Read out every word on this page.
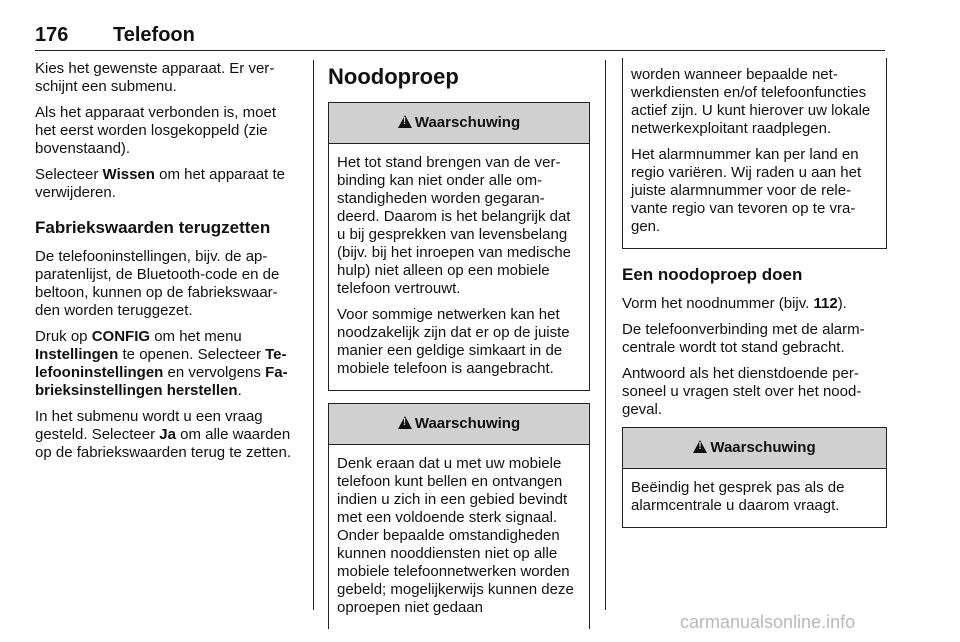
176 Telefoon

Kies het gewenste apparaat. Er verschijnt een submenu.

Als het apparaat verbonden is, moet het eerst worden losgekoppeld (zie bovenstaand).

Selecteer Wissen om het apparaat te verwijderen.

Fabriekswaarden terugzetten

De telefooninstellingen, bijv. de apparatenlijst, de Bluetooth-code en de beltoon, kunnen op de fabriekswaarden worden teruggezet.

Druk op CONFIG om het menu Instellingen te openen. Selecteer Telefooninstellingen en vervolgens Fabrieksinstellingen herstellen.

In het submenu wordt u een vraag gesteld. Selecteer Ja om alle waarden op de fabriekswaarden terug te zetten.

Noodoproep
!Waarschuwing

Het tot stand brengen van de verbinding kan niet onder alle omstandigheden worden gegarandeerd. Daarom is het belangrijk dat u bij gesprekken van levensbelang (bijv. bij het inroepen van medische hulp) niet alleen op een mobiele telefoon vertrouwt.

Voor sommige netwerken kan het noodzakelijk zijn dat er op de juiste manier een geldige simkaart in de mobiele telefoon is aangebracht.

!Waarschuwing

Denk eraan dat u met uw mobiele telefoon kunt bellen en ontvangen indien u zich in een gebied bevindt met een voldoende sterk signaal. Onder bepaalde omstandigheden kunnen nooddiensten niet op alle mobiele telefoonnetwerken worden gebeld; mogelijkerwijs kunnen deze oproepen niet gedaan

worden wanneer bepaalde netwerkdiensten en/of telefoonfuncties actief zijn. U kunt hierover uw lokale netwerkexploitant raadplegen.

Het alarmnummer kan per land en regio variëren. Wij raden u aan het juiste alarmnummer voor de relevante regio van tevoren op te vragen.

Een noodoproep doen

Vorm het noodnummer (bijv. 112).

De telefoonverbinding met de alarmcentrale wordt tot stand gebracht.

Antwoord als het dienstdoende personeel u vragen stelt over het noodgeval.

!Waarschuwing

Beëindig het gesprek pas als de alarmcentrale u daarom vraagt.

carmanualsonline.info
